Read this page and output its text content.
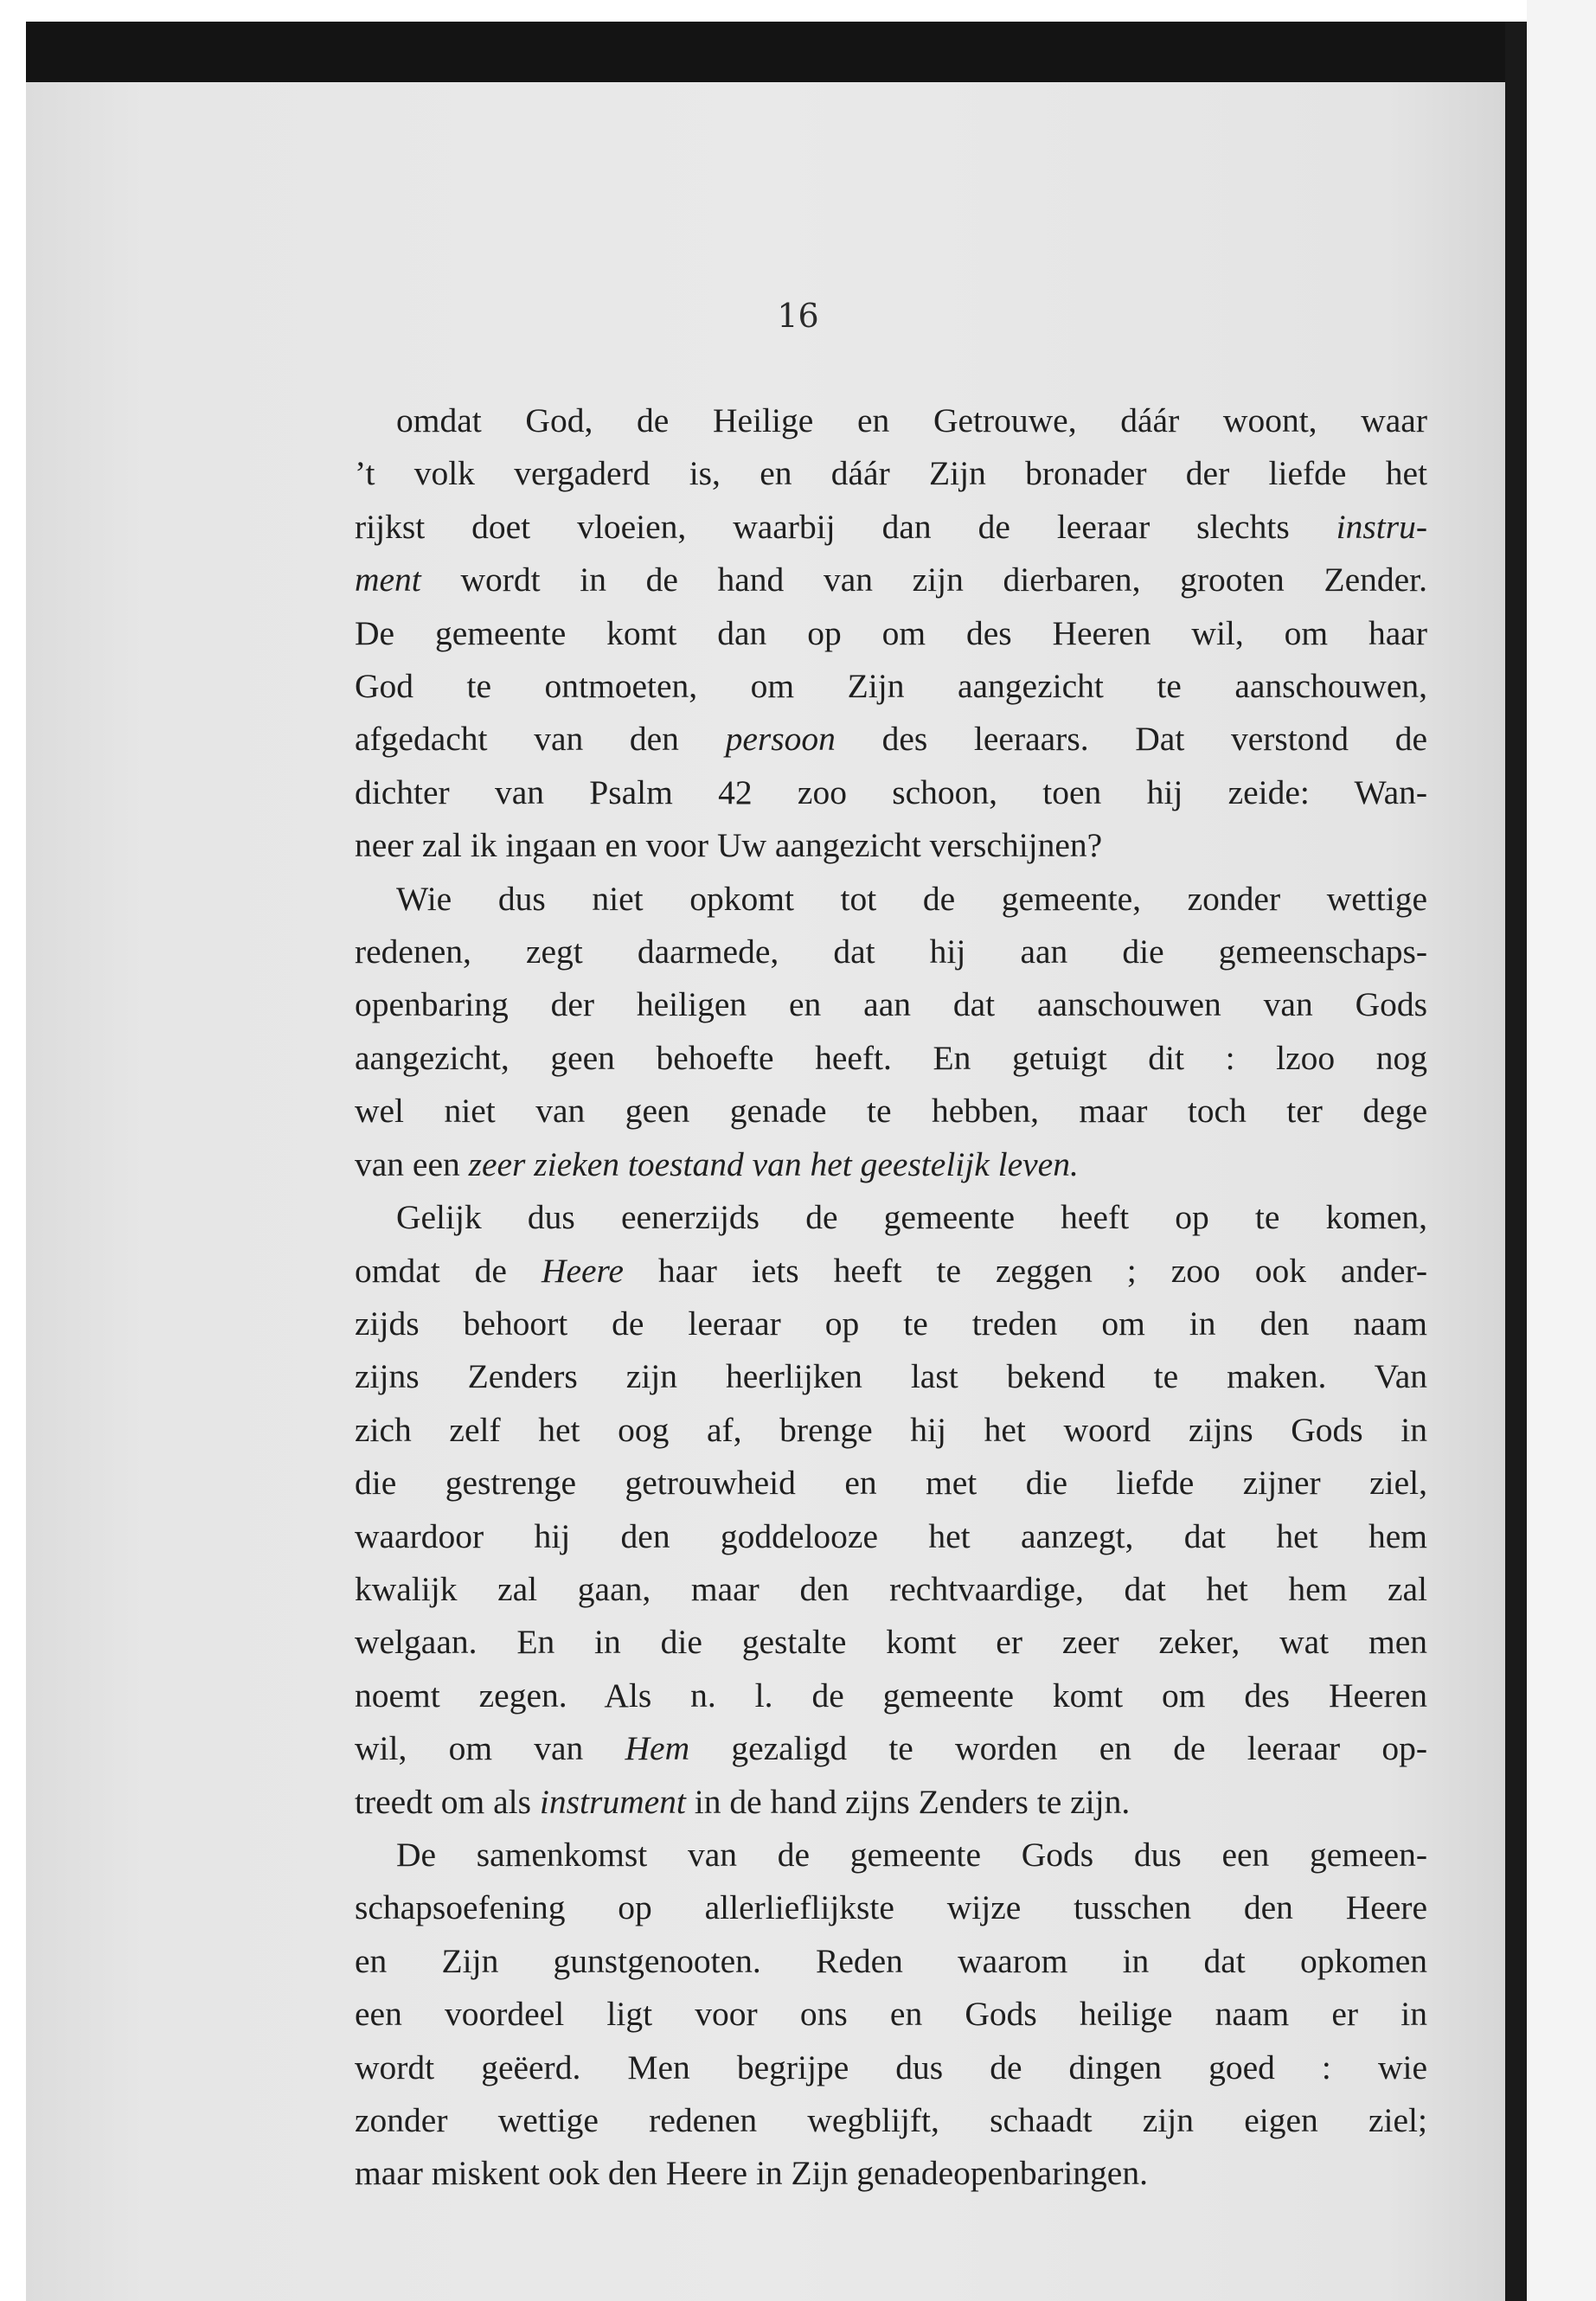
16

omdat God, de Heilige en Getrouwe, dáár woont, waar
’t volk vergaderd is, en dáár Zijn bronader der liefde het
rijkst doet vloeien, waarbij dan de leeraar slechts instru-
ment wordt in de hand van zijn dierbaren, grooten Zender.
De gemeente komt dan op om des Heeren wil, om haar
God te ontmoeten, om Zijn aangezicht te aanschouwen,
afgedacht van den persoon des leeraars. Dat verstond de
dichter van Psalm 42 zoo schoon, toen hij zeide: Wan-
neer zal ik ingaan en voor Uw aangezicht verschijnen?

Wie dus niet opkomt tot de gemeente, zonder wettige
redenen, zegt daarmede, dat hij aan die gemeenschaps-
openbaring der heiligen en aan dat aanschouwen van Gods
aangezicht, geen behoefte heeft. En getuigt dit : lzoo nog
wel niet van geen genade te hebben, maar toch ter dege
van een zeer zieken toestand van het geestelijk leven.

Gelijk dus eenerzijds de gemeente heeft op te komen,
omdat de Heere haar iets heeft te zeggen ; zoo ook ander-
zijds behoort de leeraar op te treden om in den naam
zijns Zenders zijn heerlijken last bekend te maken. Van
zich zelf het oog af, brenge hij het woord zijns Gods in
die gestrenge getrouwheid en met die liefde zijner ziel,
waardoor hij den goddelooze het aanzegt, dat het hem
kwalijk zal gaan, maar den rechtvaardige, dat het hem zal
welgaan. En in die gestalte komt er zeer zeker, wat men
noemt zegen. Als n. l. de gemeente komt om des Heeren
wil, om van Hem gezaligd te worden en de leeraar op-
treedt om als instrument in de hand zijns Zenders te zijn.

De samenkomst van de gemeente Gods dus een gemeen-
schapsoefening op allerlieflijkste wijze tusschen den Heere
en Zijn gunstgenooten. Reden waarom in dat opkomen
een voordeel ligt voor ons en Gods heilige naam er in
wordt geëerd. Men begrijpe dus de dingen goed : wie
zonder wettige redenen wegblijft, schaadt zijn eigen ziel;
maar miskent ook den Heere in Zijn genadeopenbaringen.
